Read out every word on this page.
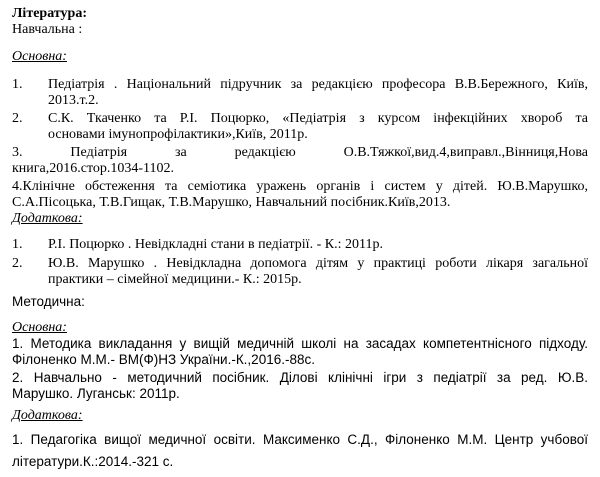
Література:
Навчальна :
Основна:
1. Педіатрія . Національний підручник за редакцією професора В.В.Бережного, Київ,
2013.т.2.
2. С.К. Ткаченко та Р.І. Поцюрко, «Педіатрія з курсом інфекційних хвороб та
основами імунопрофілактики»,Київ, 2011р.
3. Педіатрія за редакцією О.В.Тяжкої,вид.4,виправл.,Вінниця,Нова
книга,2016.стор.1034-1102.
4.Клінічне обстеження та семіотика уражень органів і систем у дітей. Ю.В.Марушко,
С.А.Пісоцька, Т.В.Гищак, Т.В.Марушко, Навчальний посібник.Київ,2013.
Додаткова:
1. Р.І. Поцюрко . Невідкладні стани в педіатрії. - К.: 2011р.
2. Ю.В. Марушко . Невідкладна допомога дітям у практиці роботи лікаря загальної
практики – сімейної медицини.- К.: 2015р.
Методична:
Основна:
1. Методика викладання у вищій медичній школі на засадах компетентнісного підходу.
Філоненко М.М.- ВМ(Ф)НЗ України.-К.,2016.-88с.
2. Навчально - методичний посібник. Ділові клінічні ігри з педіатрії за ред. Ю.В.
Марушко. Луганськ: 2011р.
Додаткова:
1. Педагогіка вищої медичної освіти. Максименко С.Д., Філоненко М.М. Центр учбової
літератури.К.:2014.-321 с.
